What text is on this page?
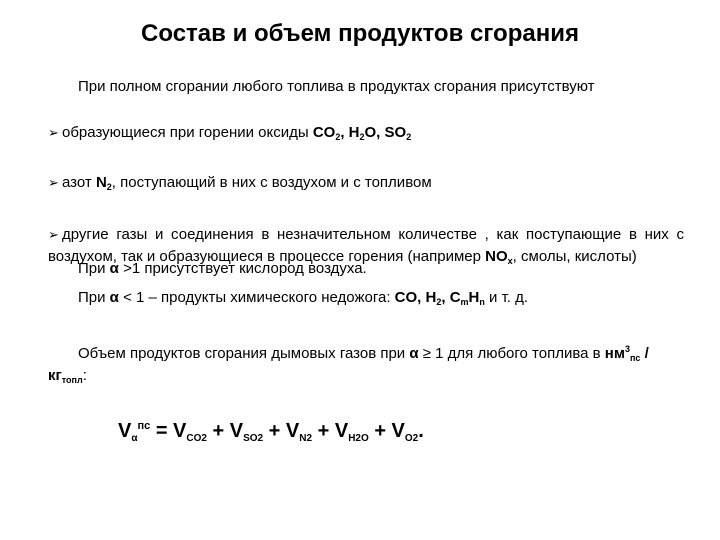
Состав и объем продуктов сгорания
При полном сгорании любого топлива в продуктах сгорания присутствуют
➢ образующиеся при горении оксиды $CO_2$, $H_2O$, $SO_2$
➢ азот $N_2$, поступающий в них с воздухом и с топливом
➢ другие газы и соединения в незначительном количестве , как поступающие в них с воздухом, так и образующиеся в процессе горения (например $NO_x$, смолы, кислоты)
При α >1 присутствует кислород воздуха.
При α < 1 – продукты химического недожога: CO, $H_2$, $C_mH_n$ и т. д.
Объем продуктов сгорания дымовых газов при α ≥ 1 для любого топлива в $нм^3_{пс} / кг_{топл}$:
$V_\alpha^{пс} = V_{CO2} + V_{SO2} + V_{N2} + V_{H2O} + V_{O2}$.
